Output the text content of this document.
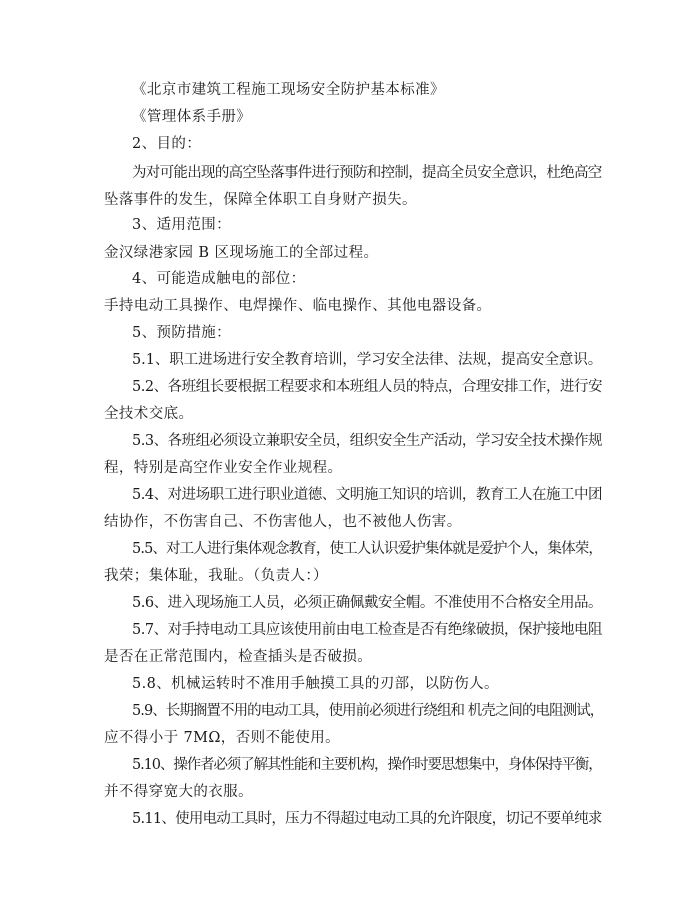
《北京市建筑工程施工现场安全防护基本标准》
《管理体系手册》
2、目的：
为对可能出现的高空坠落事件进行预防和控制，提高全员安全意识，杜绝高空
坠落事件的发生，保障全体职工自身财产损失。
3、适用范围：
金汉绿港家园 B 区现场施工的全部过程。
4、可能造成触电的部位：
手持电动工具操作、电焊操作、临电操作、其他电器设备。
5、预防措施：
5.1、职工进场进行安全教育培训，学习安全法律、法规，提高安全意识。
5.2、各班组长要根据工程要求和本班组人员的特点，合理安排工作，进行安
全技术交底。
5.3、各班组必须设立兼职安全员，组织安全生产活动，学习安全技术操作规
程，特别是高空作业安全作业规程。
5.4、对进场职工进行职业道德、文明施工知识的培训，教育工人在施工中团
结协作，不伤害自己、不伤害他人，也不被他人伤害。
5.5、对工人进行集体观念教育，使工人认识爱护集体就是爱护个人，集体荣，
我荣；集体耻，我耻。（负责人：）
5.6、进入现场施工人员，必须正确佩戴安全帽。不准使用不合格安全用品。
5.7、对手持电动工具应该使用前由电工检查是否有绝缘破损，保护接地电阻
是否在正常范围内，检查插头是否破损。
5.8、机械运转时不准用手触摸工具的刃部，以防伤人。
5.9、长期搁置不用的电动工具，使用前必须进行绕组和 机壳之间的电阻测试，
应不得小于 7MΩ，否则不能使用。
5.10、操作者必须了解其性能和主要机构，操作时要思想集中，身体保持平衡，
并不得穿宽大的衣服。
5.11、使用电动工具时，压力不得超过电动工具的允许限度，切记不要单纯求
